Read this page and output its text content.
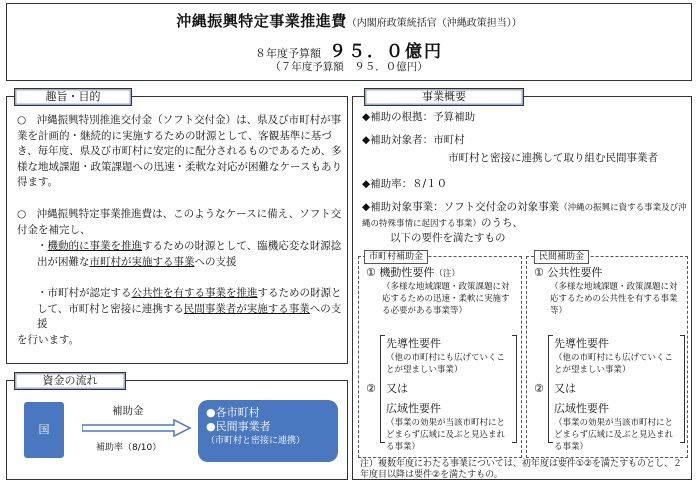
沖縄振興特定事業推進費（内閣府政策統括官（沖縄政策担当））
８年度予算額 ９５．０億円
（７年度予算額　９５．０億円）
○　沖縄振興特別推進交付金（ソフト交付金）は、県及び市町村が事業を計画的・継続的に実施するための財源として、客観基準に基づき、毎年度、県及び市町村に安定的に配分されるものであるため、多様な地域課題・政策課題への迅速・柔軟な対応が困難なケースもあり得ます。
○　沖縄振興特定事業推進費は、このようなケースに備え、ソフト交付金を補完し、
・機動的に事業を推進するための財源として、臨機応変な財源捻出が困難な市町村が実施する事業への支援
・市町村が認定する公共性を有する事業を推進するための財源として、市町村と密接に連携する民間事業者が実施する事業への支援
を行います。
趣旨・目的	事業概要
◆補助の根拠：予算補助
◆補助対象者：市町村
市町村と密接に連携して取り組む民間事業者
◆補助率：８/１０
◆補助対象事業：ソフト交付金の対象事業（沖縄の振興に資する事業及び沖縄の特殊事情に起因する事業）のうち、
以下の要件を満たすもの
市町村補助金
① 機動性要件（注）
（多様な地域課題・政策課題に対応するための迅速・柔軟に実施する必要がある事業等）
先導性要件
（他の市町村にも広げていくことが望ましい事業）
② 又は
広域性要件
（事業の効果が当該市町村にとどまらず広域に及ぶと見込まれる事業）
民間補助金
① 公共性要件
（多様な地域課題・政策課題に対応するための公共性を有する事業等）
先導性要件
（他の市町村にも広げていくことが望ましい事業）
② 又は
広域性要件
（事業の効果が当該市町村にとどまらず広域に及ぶと見込まれる事業）
注）複数年度にわたる事業については、初年度は要件①②を満たすものとし、２年度目以降は要件②を満たすもの。
資金の流れ
国
補助金
補助率（8/10）
●各市町村
●民間事業者
（市町村と密接に連携）
